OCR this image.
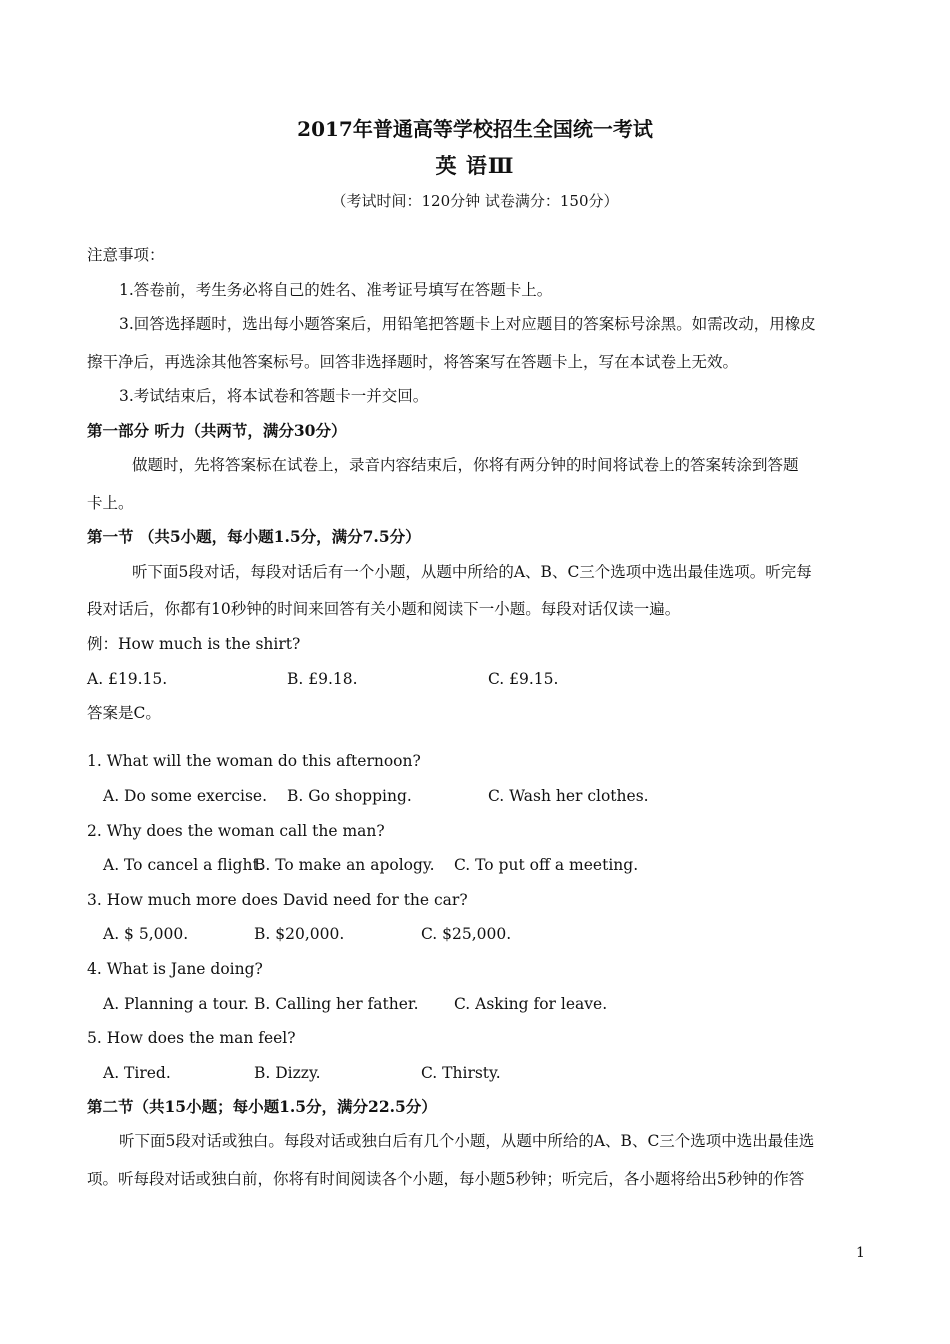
2017年普通高等学校招生全国统一考试
英 语Ⅲ
（考试时间：120分钟 试卷满分：150分）
注意事项：
1.答卷前，考生务必将自己的姓名、准考证号填写在答题卡上。
3.回答选择题时，选出每小题答案后，用铅笔把答题卡上对应题目的答案标号涂黑。如需改动，用橡皮
擦干净后，再选涂其他答案标号。回答非选择题时，将答案写在答题卡上，写在本试卷上无效。
3.考试结束后，将本试卷和答题卡一并交回。
第一部分 听力（共两节，满分30分）
做题时，先将答案标在试卷上，录音内容结束后，你将有两分钟的时间将试卷上的答案转涂到答题
卡上。
第一节 （共5小题，每小题1.5分，满分7.5分）
听下面5段对话，每段对话后有一个小题，从题中所给的A、B、C三个选项中选出最佳选项。听完每
段对话后，你都有10秒钟的时间来回答有关小题和阅读下一小题。每段对话仅读一遍。
例：How much is the shirt?
A. £19.15.	B. £9.18.	C. £9.15.
答案是C。
1. What will the woman do this afternoon?
A. Do some exercise. B. Go shopping.	C. Wash her clothes.
2. Why does the woman call the man?
A. To cancel a flight.
B. To make an apology. C. To put off a meeting.
3. How much more does David need for the car?
A. $ 5,000.	B. $20,000.	C. $25,000.
4. What is Jane doing?
A. Planning a tour. B. Calling her father. C. Asking for leave.
5. How does the man feel?
A. Tired.	B. Dizzy.	C. Thirsty.
第二节（共15小题；每小题1.5分，满分22.5分）
听下面5段对话或独白。每段对话或独白后有几个小题，从题中所给的A、B、C三个选项中选出最佳选
项。听每段对话或独白前，你将有时间阅读各个小题，每小题5秒钟；听完后，各小题将给出5秒钟的作答
1
